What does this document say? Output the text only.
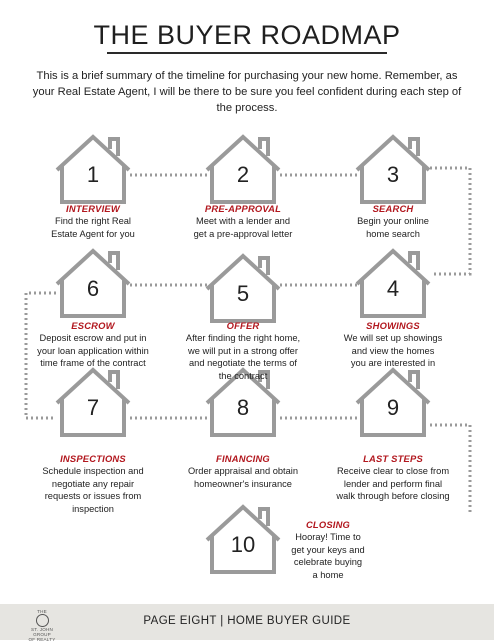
THE BUYER ROADMAP
This is a brief summary of the timeline for purchasing your new home. Remember, as your Real Estate Agent, I will be there to be sure you feel confident during each step of the process.
1	2	3
4
5
6
7	8	9
10
INTERVIEW
Find the right Real
Estate Agent for you
PRE-APPROVAL
Meet with a lender and
get a pre-approval letter
SEARCH
Begin your online
home search
SHOWINGS
We will set up showings
and view the homes
you are interested in
OFFER
After finding the right home,
we will put in a strong offer
and negotiate the terms of
the contract
ESCROW
Deposit escrow and put in
your loan application within
time frame of the contract
INSPECTIONS
Schedule inspection and
negotiate any repair
requests or issues from
inspection
FINANCING
Order appraisal and obtain
homeowner's insurance
LAST STEPS
Receive clear to close from
lender and perform final
walk through before closing
CLOSING
Hooray! Time to
get your keys and
celebrate buying
a home
THE
ST. JOHN GROUP
OF REALTY
PAGE EIGHT | HOME BUYER GUIDE
